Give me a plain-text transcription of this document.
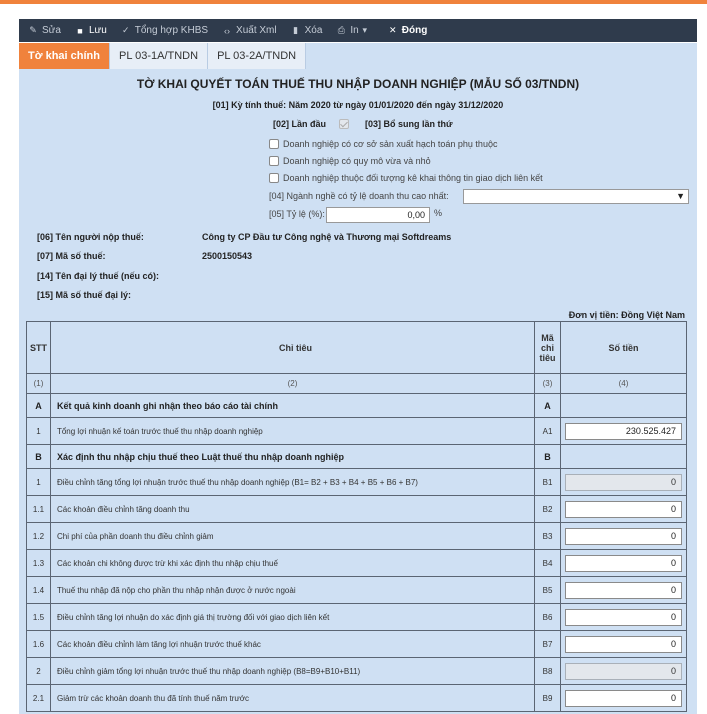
✎ Sửa	■ Lưu ✓ Tổng hợp KHBS	‹› Xuất Xml	▮ Xóa ⎙ In ▾	✕ Đóng
Tờ khai chính	PL 03-1A/TNDN	PL 03-2A/TNDN
TỜ KHAI QUYẾT TOÁN THUẾ THU NHẬP DOANH NGHIỆP (MẪU SỐ 03/TNDN)
[01] Kỳ tính thuế: Năm 2020 từ ngày 01/01/2020 đến ngày 31/12/2020
[02] Lần đầu	[03] Bổ sung lần thứ
Doanh nghiệp có cơ sở sản xuất hạch toán phụ thuộc
Doanh nghiệp có quy mô vừa và nhỏ
Doanh nghiệp thuộc đối tượng kê khai thông tin giao dịch liên kết
[04] Ngành nghề có tỷ lệ doanh thu cao nhất:	▼
[05] Tỷ lệ (%):	0,00	%
[06] Tên người nộp thuế:	Công ty CP Đầu tư Công nghệ và Thương mại Softdreams
[07] Mã số thuế:	2500150543
[14] Tên đại lý thuế (nếu có):
[15] Mã số thuế đại lý:
Đơn vị tiền: Đồng Việt Nam
STT	Chỉ tiêu	Mã chỉ tiêu	Số tiền
(1)	(2)	(3)	(4)
A	Kết quả kinh doanh ghi nhận theo báo cáo tài chính	A	
1	Tổng lợi nhuận kế toán trước thuế thu nhập doanh nghiệp	A1	230.525.427

B	Xác định thu nhập chịu thuế theo Luật thuế thu nhập doanh nghiệp	B	
1	Điều chỉnh tăng tổng lợi nhuận trước thuế thu nhập doanh nghiệp (B1= B2 + B3 + B4 + B5 + B6 + B7)	B1	0

1.1	Các khoản điều chỉnh tăng doanh thu	B2	0

1.2	Chi phí của phần doanh thu điều chỉnh giảm	B3	0

1.3	Các khoản chi không được trừ khi xác định thu nhập chịu thuế	B4	0

1.4	Thuế thu nhập đã nộp cho phần thu nhập nhận được ở nước ngoài	B5	0

1.5	Điều chỉnh tăng lợi nhuận do xác định giá thị trường đối với giao dịch liên kết	B6	0

1.6	Các khoản điều chỉnh làm tăng lợi nhuận trước thuế khác	B7	0

2	Điều chỉnh giảm tổng lợi nhuận trước thuế thu nhập doanh nghiệp (B8=B9+B10+B11)	B8	0

2.1	Giảm trừ các khoản doanh thu đã tính thuế năm trước	B9	0
